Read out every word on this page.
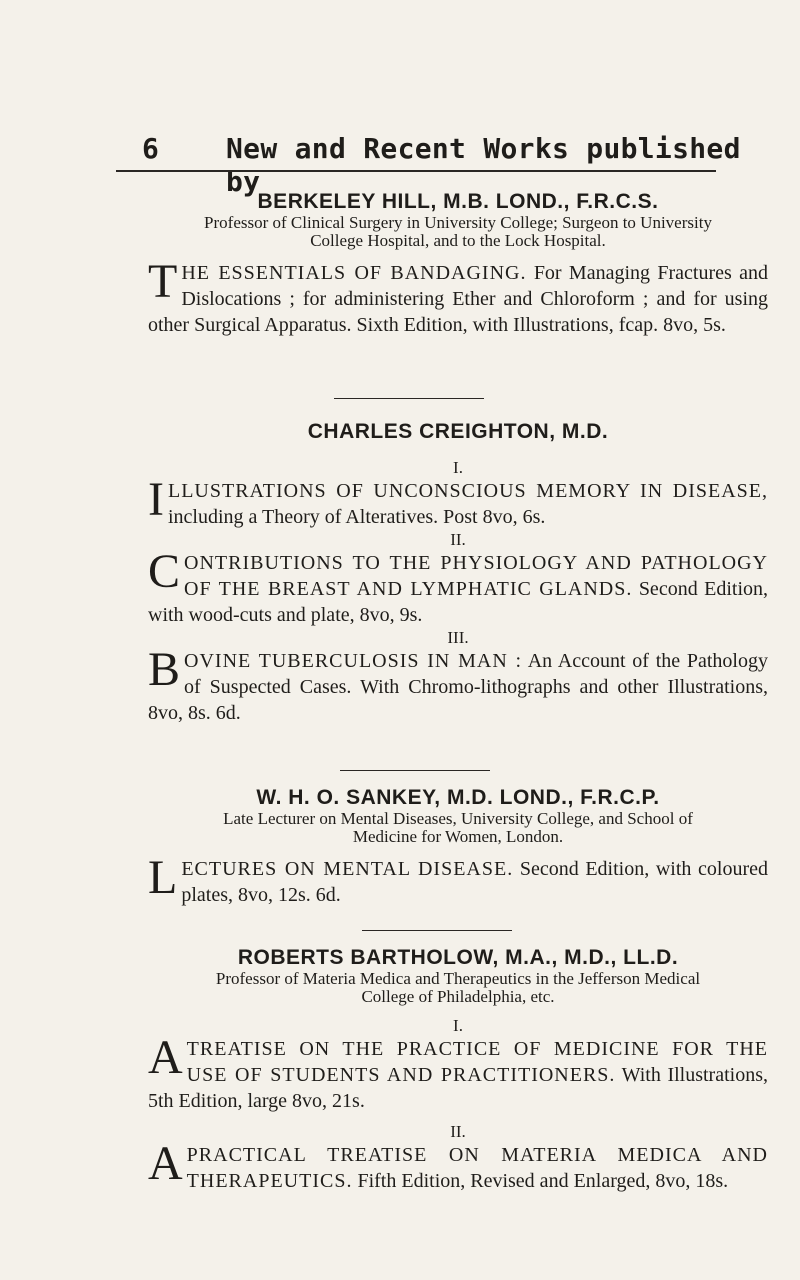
6 New and Recent Works published by
BERKELEY HILL, M.B. LOND., F.R.C.S.
Professor of Clinical Surgery in University College; Surgeon to University
College Hospital, and to the Lock Hospital.
THE ESSENTIALS OF BANDAGING. For Managing Fractures and Dislocations ; for administering Ether and Chloroform ; and for using other Surgical Apparatus. Sixth Edition, with Illustrations, fcap. 8vo, 5s.
CHARLES CREIGHTON, M.D.
I.
ILLUSTRATIONS OF UNCONSCIOUS MEMORY IN DISEASE, including a Theory of Alteratives. Post 8vo, 6s.
II.
CONTRIBUTIONS TO THE PHYSIOLOGY AND PATHOLOGY OF THE BREAST AND LYMPHATIC GLANDS. Second Edition, with wood-cuts and plate, 8vo, 9s.
III.
BOVINE TUBERCULOSIS IN MAN : An Account of the Pathology of Suspected Cases. With Chromo-lithographs and other Illustrations, 8vo, 8s. 6d.
W. H. O. SANKEY, M.D. LOND., F.R.C.P.
Late Lecturer on Mental Diseases, University College, and School of
Medicine for Women, London.
LECTURES ON MENTAL DISEASE. Second Edition, with coloured plates, 8vo, 12s. 6d.
ROBERTS BARTHOLOW, M.A., M.D., LL.D.
Professor of Materia Medica and Therapeutics in the Jefferson Medical
College of Philadelphia, etc.
I.
ATREATISE ON THE PRACTICE OF MEDICINE FOR THE USE OF STUDENTS AND PRACTITIONERS. With Illustrations, 5th Edition, large 8vo, 21s.
II.
APRACTICAL TREATISE ON MATERIA MEDICA AND THERAPEUTICS. Fifth Edition, Revised and Enlarged, 8vo, 18s.
